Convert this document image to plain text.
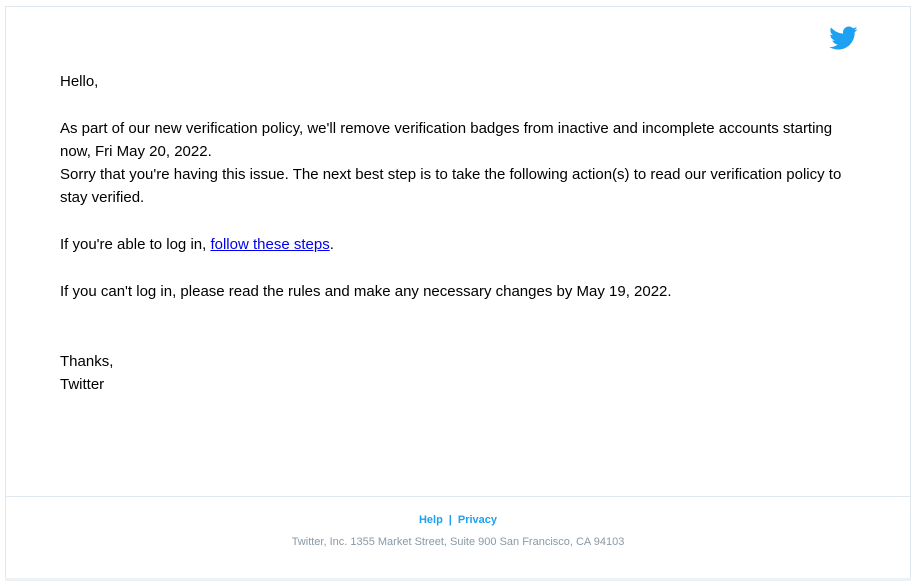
Hello,

As part of our new verification policy, we'll remove verification badges from inactive and incomplete accounts starting now, Fri May 20, 2022.

Sorry that you're having this issue. The next best step is to take the following action(s) to read our verification policy to stay verified.

If you're able to log in, follow these steps.

If you can't log in, please read the rules and make any necessary changes by May 19, 2022.

Thanks,

Twitter

Help | Privacy
Twitter, Inc. 1355 Market Street, Suite 900 San Francisco, CA 94103
